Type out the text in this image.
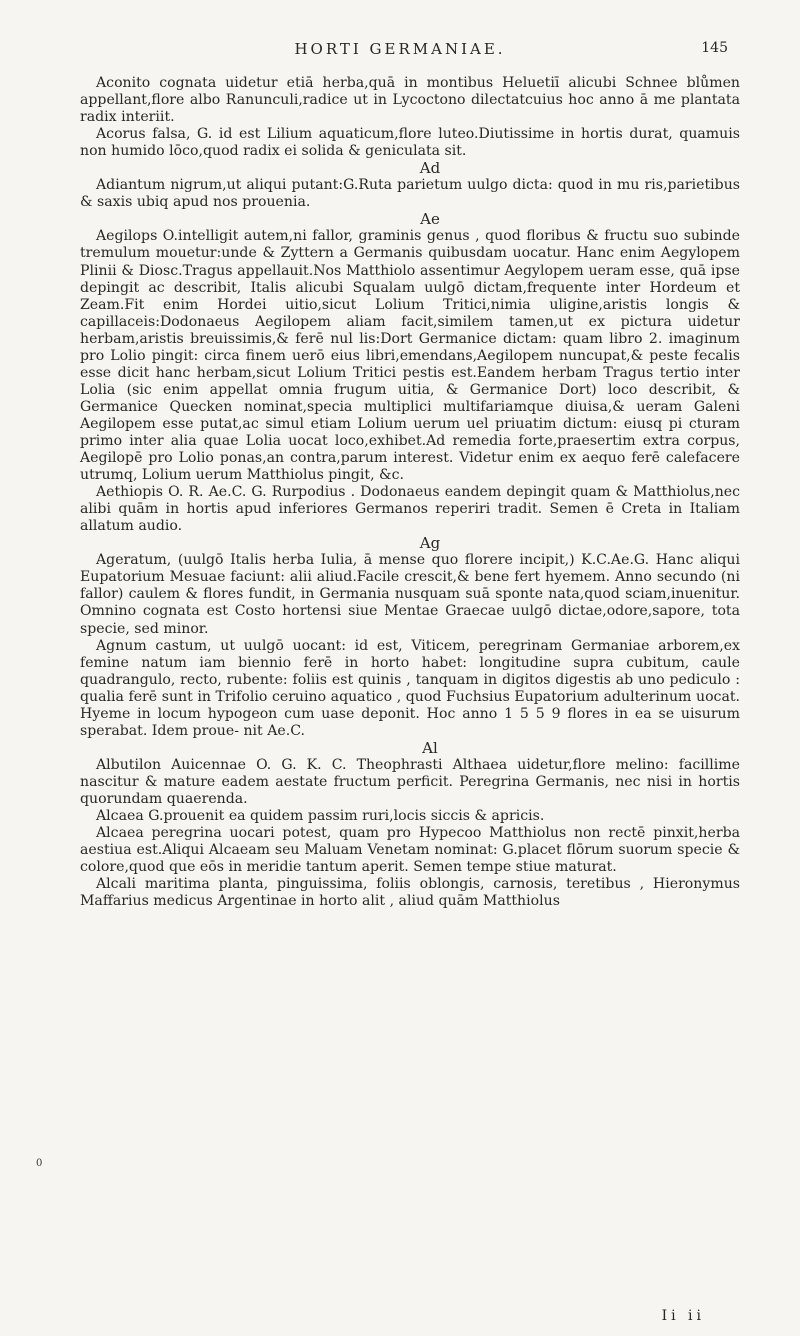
HORTI GERMANIAE.	145

Aconito cognata uidetur etiā herba,quā in montibus Heluetiī alicubi Schnee blůmen appellant,flore albo Ranunculi,radice ut in Lycoctono dilectatcuius hoc anno ā me plantata radix interiit.

Acorus falsa, G. id est Lilium aquaticum,flore luteo.Diutissime in hortis durat, quamuis non humido lōco,quod radix ei solida & geniculata sit.

Ad

Adiantum nigrum,ut aliqui putant:G.Ruta parietum uulgo dicta: quod in mu ris,parietibus & saxis ubiq apud nos prouenia.

Ae

Aegilops O.intelligit autem,ni fallor, graminis genus , quod floribus & fructu suo subinde tremulum mouetur:unde & Zyttern a Germanis quibusdam uocatur. Hanc enim Aegylopem Plinii & Diosc.Tragus appellauit.Nos Matthiolo assentimur Aegylopem ueram esse, quā ipse depingit ac describit, Italis alicubi Squalam uulgō dictam,frequente inter Hordeum et Zeam.Fit enim Hordei uitio,sicut Lolium Tritici,nimia uligine,aristis longis & capillaceis:Dodonaeus Aegilopem aliam facit,similem tamen,ut ex pictura uidetur herbam,aristis breuissimis,& ferē nul lis:Dort Germanice dictam: quam libro 2. imaginum pro Lolio pingit: circa finem uerō eius libri,emendans,Aegilopem nuncupat,& peste fecalis esse dicit hanc herbam,sicut Lolium Tritici pestis est.Eandem herbam Tragus tertio inter Lolia (sic enim appellat omnia frugum uitia, & Germanice Dort) loco describit, & Germanice Quecken nominat,specia multiplici multifariamque diuisa,& ueram Galeni Aegilopem esse putat,ac simul etiam Lolium uerum uel priuatim dictum: eiusq pi cturam primo inter alia quae Lolia uocat loco,exhibet.Ad remedia forte,praesertim extra corpus, Aegilopē pro Lolio ponas,an contra,parum interest. Videtur enim ex aequo ferē calefacere utrumq, Lolium uerum Matthiolus pingit, &c.

Aethiopis O. R. Ae.C. G. Rurpodius . Dodonaeus eandem depingit quam & Matthiolus,nec alibi quām in hortis apud inferiores Germanos reperiri tradit. Semen ē Creta in Italiam allatum audio.

Ag

Ageratum, (uulgō Italis herba Iulia, ā mense quo florere incipit,) K.C.Ae.G. Hanc aliqui Eupatorium Mesuae faciunt: alii aliud.Facile crescit,& bene fert hyemem. Anno secundo (ni fallor) caulem & flores fundit, in Germania nusquam suā sponte nata,quod sciam,inuenitur. Omnino cognata est Costo hortensi siue Mentae Graecae uulgō dictae,odore,sapore, tota specie, sed minor.

Agnum castum, ut uulgō uocant: id est, Viticem, peregrinam Germaniae arborem,ex femine natum iam biennio ferē in horto habet: longitudine supra cubitum, caule quadrangulo, recto, rubente: foliis est quinis , tanquam in digitos digestis ab uno pediculo : qualia ferē sunt in Trifolio ceruino aquatico , quod Fuchsius Eupatorium adulterinum uocat. Hyeme in locum hypogeon cum uase deponit. Hoc anno 1 5 5 9 flores in ea se uisurum sperabat. Idem proue- nit Ae.C.

Al

Albutilon Auicennae O. G. K. C. Theophrasti Althaea uidetur,flore melino: facillime nascitur & mature eadem aestate fructum perficit. Peregrina Germanis, nec nisi in hortis quorundam quaerenda.

Alcaea G.prouenit ea quidem passim ruri,locis siccis & apricis.

Alcaea peregrina uocari potest, quam pro Hypecoo Matthiolus non rectē pinxit,herba aestiua est.Aliqui Alcaeam seu Maluam Venetam nominat: G.placet flōrum suorum specie & colore,quod que eōs in meridie tantum aperit. Semen tempe stiue maturat.

Alcali maritima planta, pinguissima, foliis oblongis, carnosis, teretibus , Hieronymus Maffarius medicus Argentinae in horto alit , aliud quām Matthiolus

0
Ii ii
